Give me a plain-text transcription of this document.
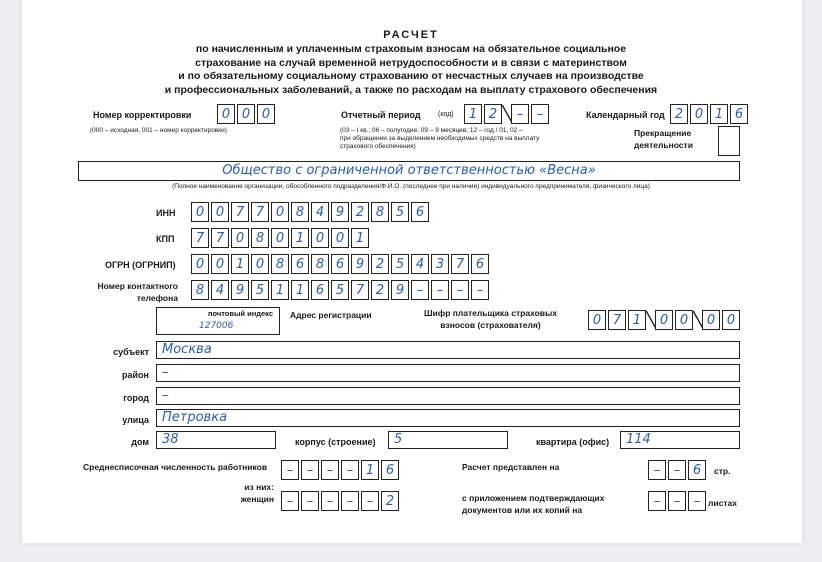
РАСЧЕТ
по начисленным и уплаченным страховым взносам на обязательное социальное
страхование на случай временной нетрудоспособности и в связи с материнством
и по обязательному социальному страхованию от несчастных случаев на производстве
и профессиональных заболеваний, а также по расходам на выплату страхового обеспечения
Номер корректировки	0 0 0
(000 – исходная, 001 – номер корректировки)
Отчетный период (код)	1 2	–	–
(03 – I кв.; 06 – полугодие; 09 – 9 месяцев; 12 – год / 01, 02 –
при обращении за выделением необходимых средств на выплату
страхового обеспечения)
Календарный год 2 0 1 6
Прекращение
деятельности
Общество с ограниченной ответственностью «Весна»
(Полное наименование организации, обособленного подразделения/Ф.И.О. (последнее при наличии) индивидуального предпринимателя, физического лица)
ИНН	0 0 7 7 0 8 4 9 2 8 5 6
КПП	7 7 0 8 0 1 0 0 1
ОГРН (ОГРНИП)	0 0 1 0 8 6 8 6 9 2 5 4 3 7 6
Номер контактного
телефона
8 4 9 5 1 1 6 5 7 2 9 –	–	–	–
почтовый индекс
127006
Адрес регистрации	Шифр плательщика страховых
взносов (страхователя)	0 7 1	0 0	0 0
субъект	Москва
район	–
город	–
улица	Петровка
дом	38	корпус (строение)	5	квартира (офис)	114
Среднесписочная численность работников	–	–	–	– 1 6
из них:
женщин –	–	–	–	– 2
Расчет представлен на	–	– 6	стр.
с приложением подтверждающих
документов или их копий на
–	–	– листах
